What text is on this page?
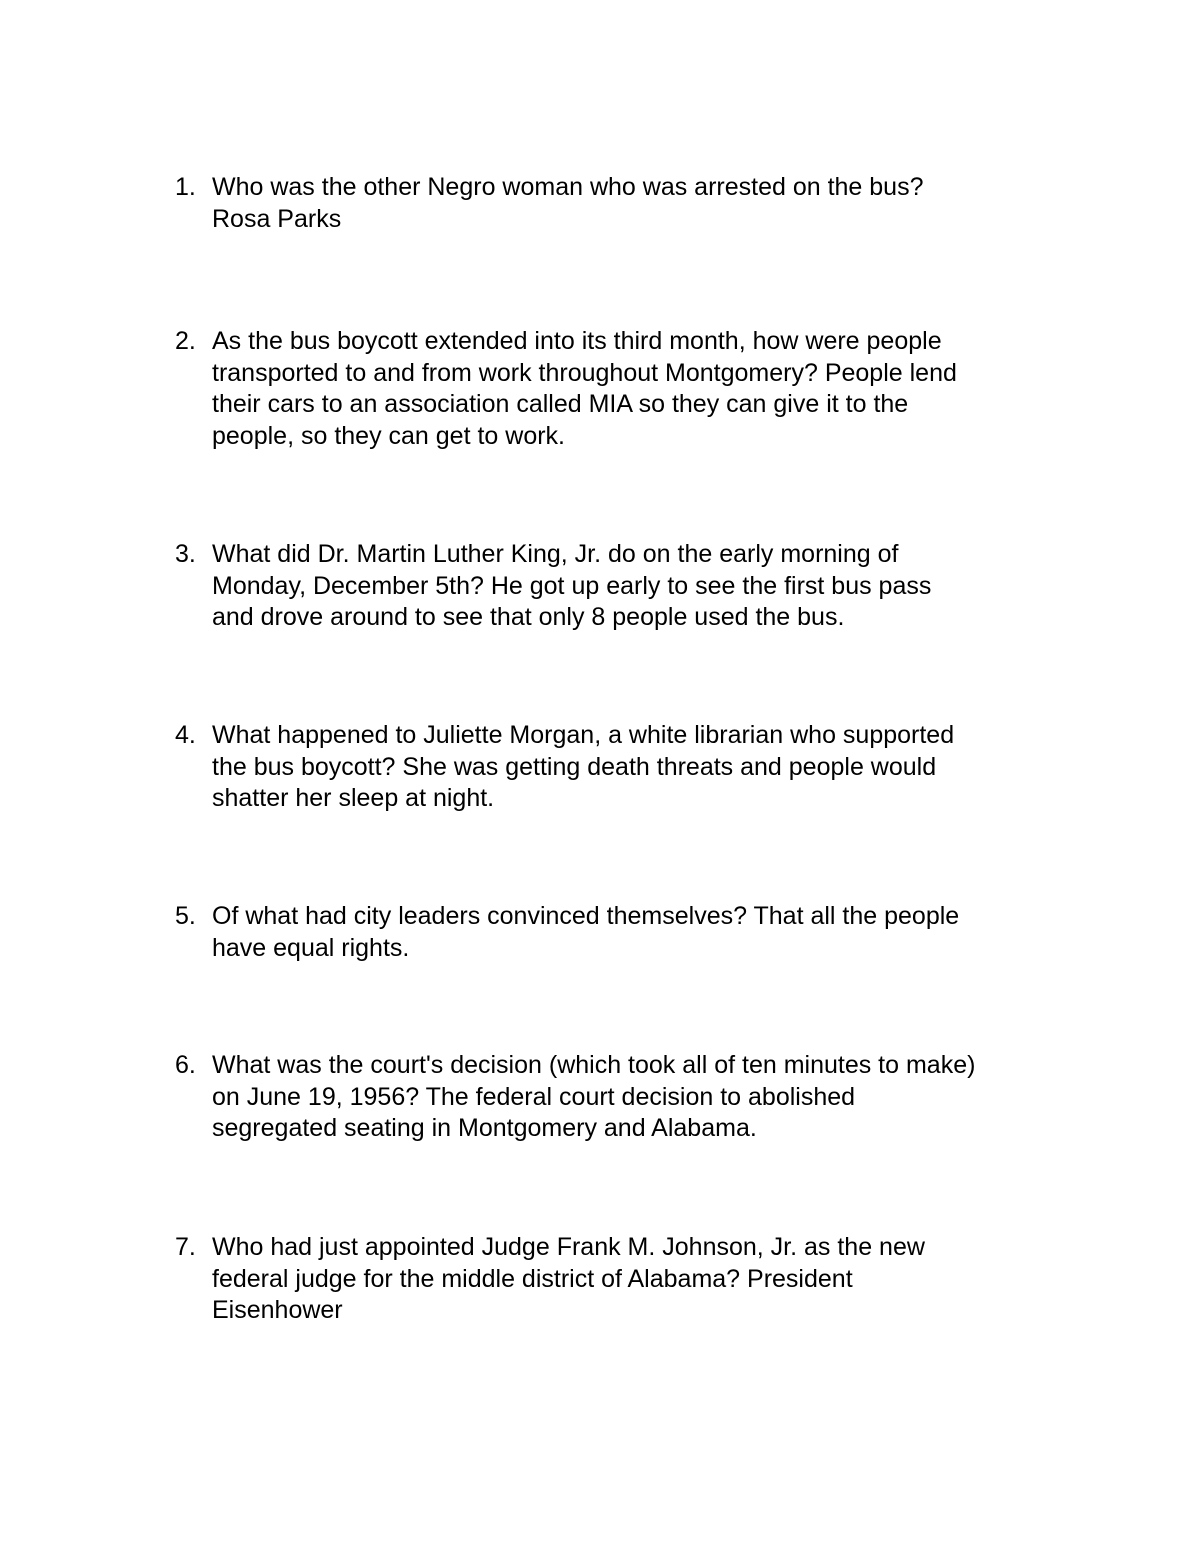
1. Who was the other Negro woman who was arrested on the bus?
Rosa Parks
2. As the bus boycott extended into its third month, how were people
transported to and from work throughout Montgomery? People lend
their cars to an association called MIA so they can give it to the
people, so they can get to work.
3. What did Dr. Martin Luther King, Jr. do on the early morning of
Monday, December 5th? He got up early to see the first bus pass
and drove around to see that only 8 people used the bus.
4. What happened to Juliette Morgan, a white librarian who supported
the bus boycott? She was getting death threats and people would
shatter her sleep at night.
5. Of what had city leaders convinced themselves? That all the people
have equal rights.
6. What was the court's decision (which took all of ten minutes to make)
on June 19, 1956? The federal court decision to abolished
segregated seating in Montgomery and Alabama.
7. Who had just appointed Judge Frank M. Johnson, Jr. as the new
federal judge for the middle district of Alabama? President
Eisenhower
